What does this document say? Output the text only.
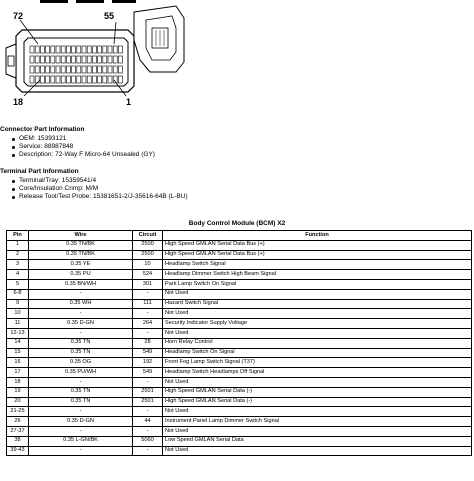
72	55
18	1
Connector Part Information
OEM: 15393121
Service: 88987848
Description: 72-Way F Micro-64 Unsealed (GY)
Terminal Part Information
Terminal/Tray: 15359541/4
Core/Insulation Crimp: M/M
Release Tool/Test Probe: 15381651-2/J-35616-64B (L-BU)
Body Control Module (BCM) X2
Pin	Wire	Circuit	Function
1	0.35 TN/BK	2500	High Speed GMLAN Serial Data Bus (+)
2	0.35 TN/BK	2500	High Speed GMLAN Serial Data Bus (+)
3	0.35 YE	10	Headlamp Switch Signal
4	0.35 PU	524	Headlamp Dimmer Switch High Beam Signal
5	0.35 BN/WH	301	Park Lamp Switch On Signal
6-8	-	-	Not Used
9	0.35 WH	111	Hazard Switch Signal
10	-	-	Not Used
11	0.35 D-GN	264	Security Indicator Supply Voltage
12-13	-	-	Not Used
14	0.35 TN	28	Horn Relay Control
15	0.35 TN	549	Headlamp Switch On Signal
16	0.35 OG	192	Front Fog Lamp Switch Signal (T37)
17	0.35 PU/WH	549	Headlamp Switch Headlamps Off Signal
18	-	-	Not Used
19	0.35 TN	2501	High Speed GMLAN Serial Data (-)
20	0.35 TN	2501	High Speed GMLAN Serial Data (-)
21-25	-	-	Not Used
26	0.35 D-GN	44	Instrument Panel Lamp Dimmer Switch Signal
27-37	-	-	Not Used
38	0.35 L-GN/BK	5060	Low Speed GMLAN Serial Data
39-43	-	-	Not Used
